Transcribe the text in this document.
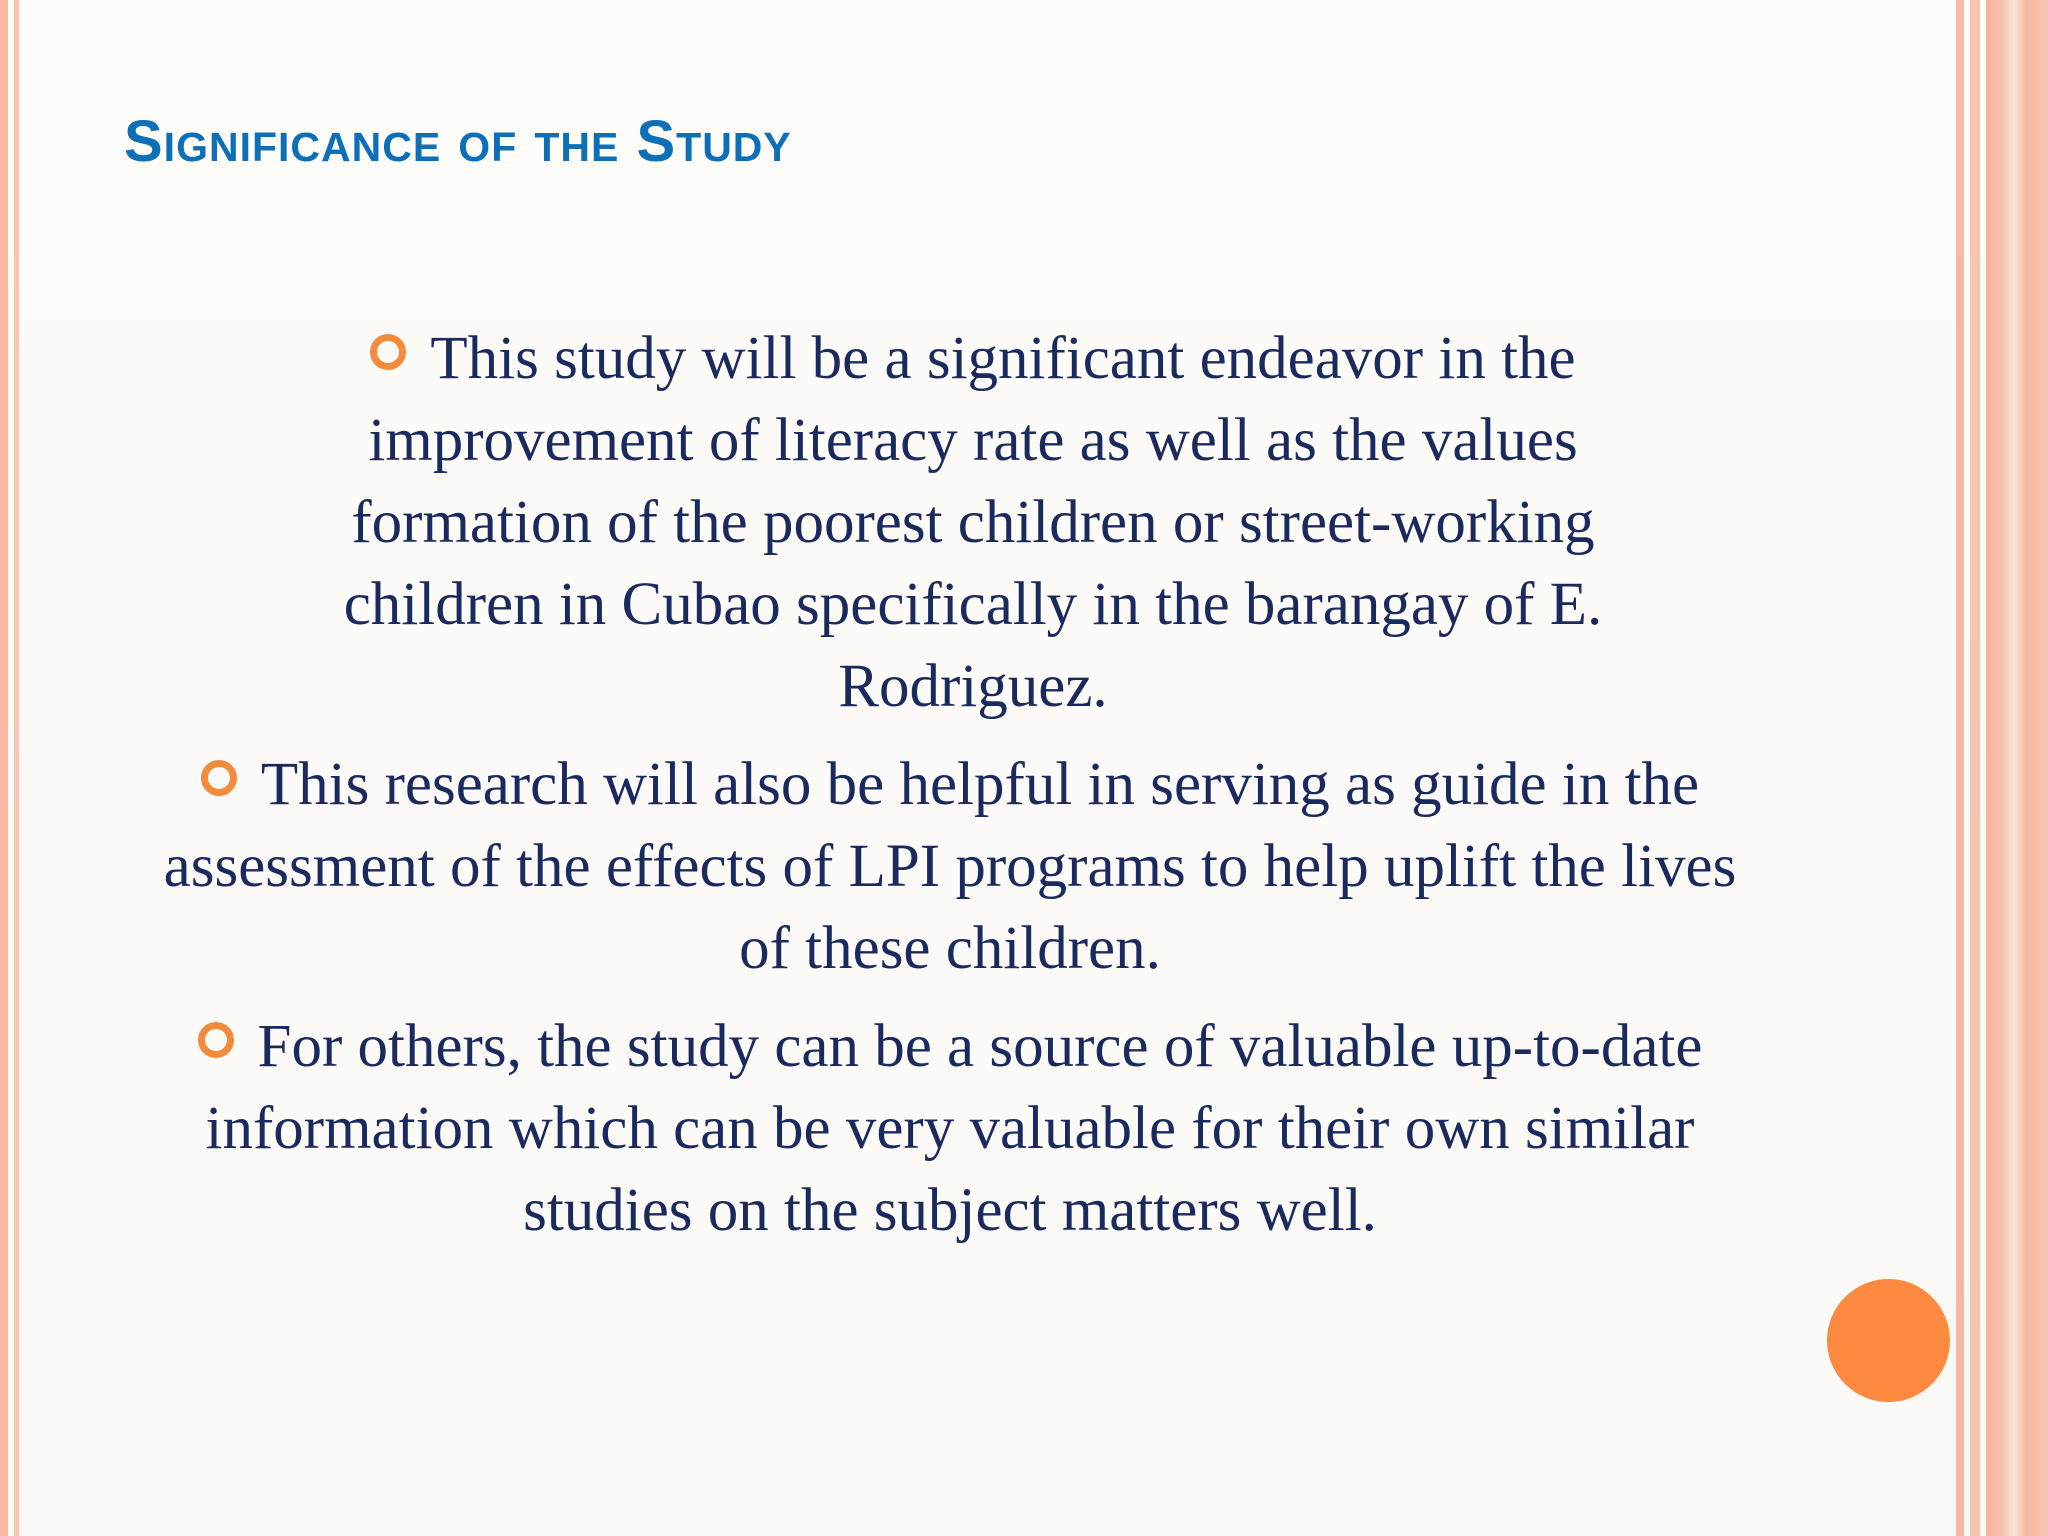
Significance of the Study

This study will be a significant endeavor in the improvement of literacy rate as well as the values formation of the poorest children or street-working children in Cubao specifically in the barangay of E. Rodriguez.

This research will also be helpful in serving as guide in the assessment of the effects of LPI programs to help uplift the lives of these children.

For others, the study can be a source of valuable up-to-date information which can be very valuable for their own similar studies on the subject matters well.
